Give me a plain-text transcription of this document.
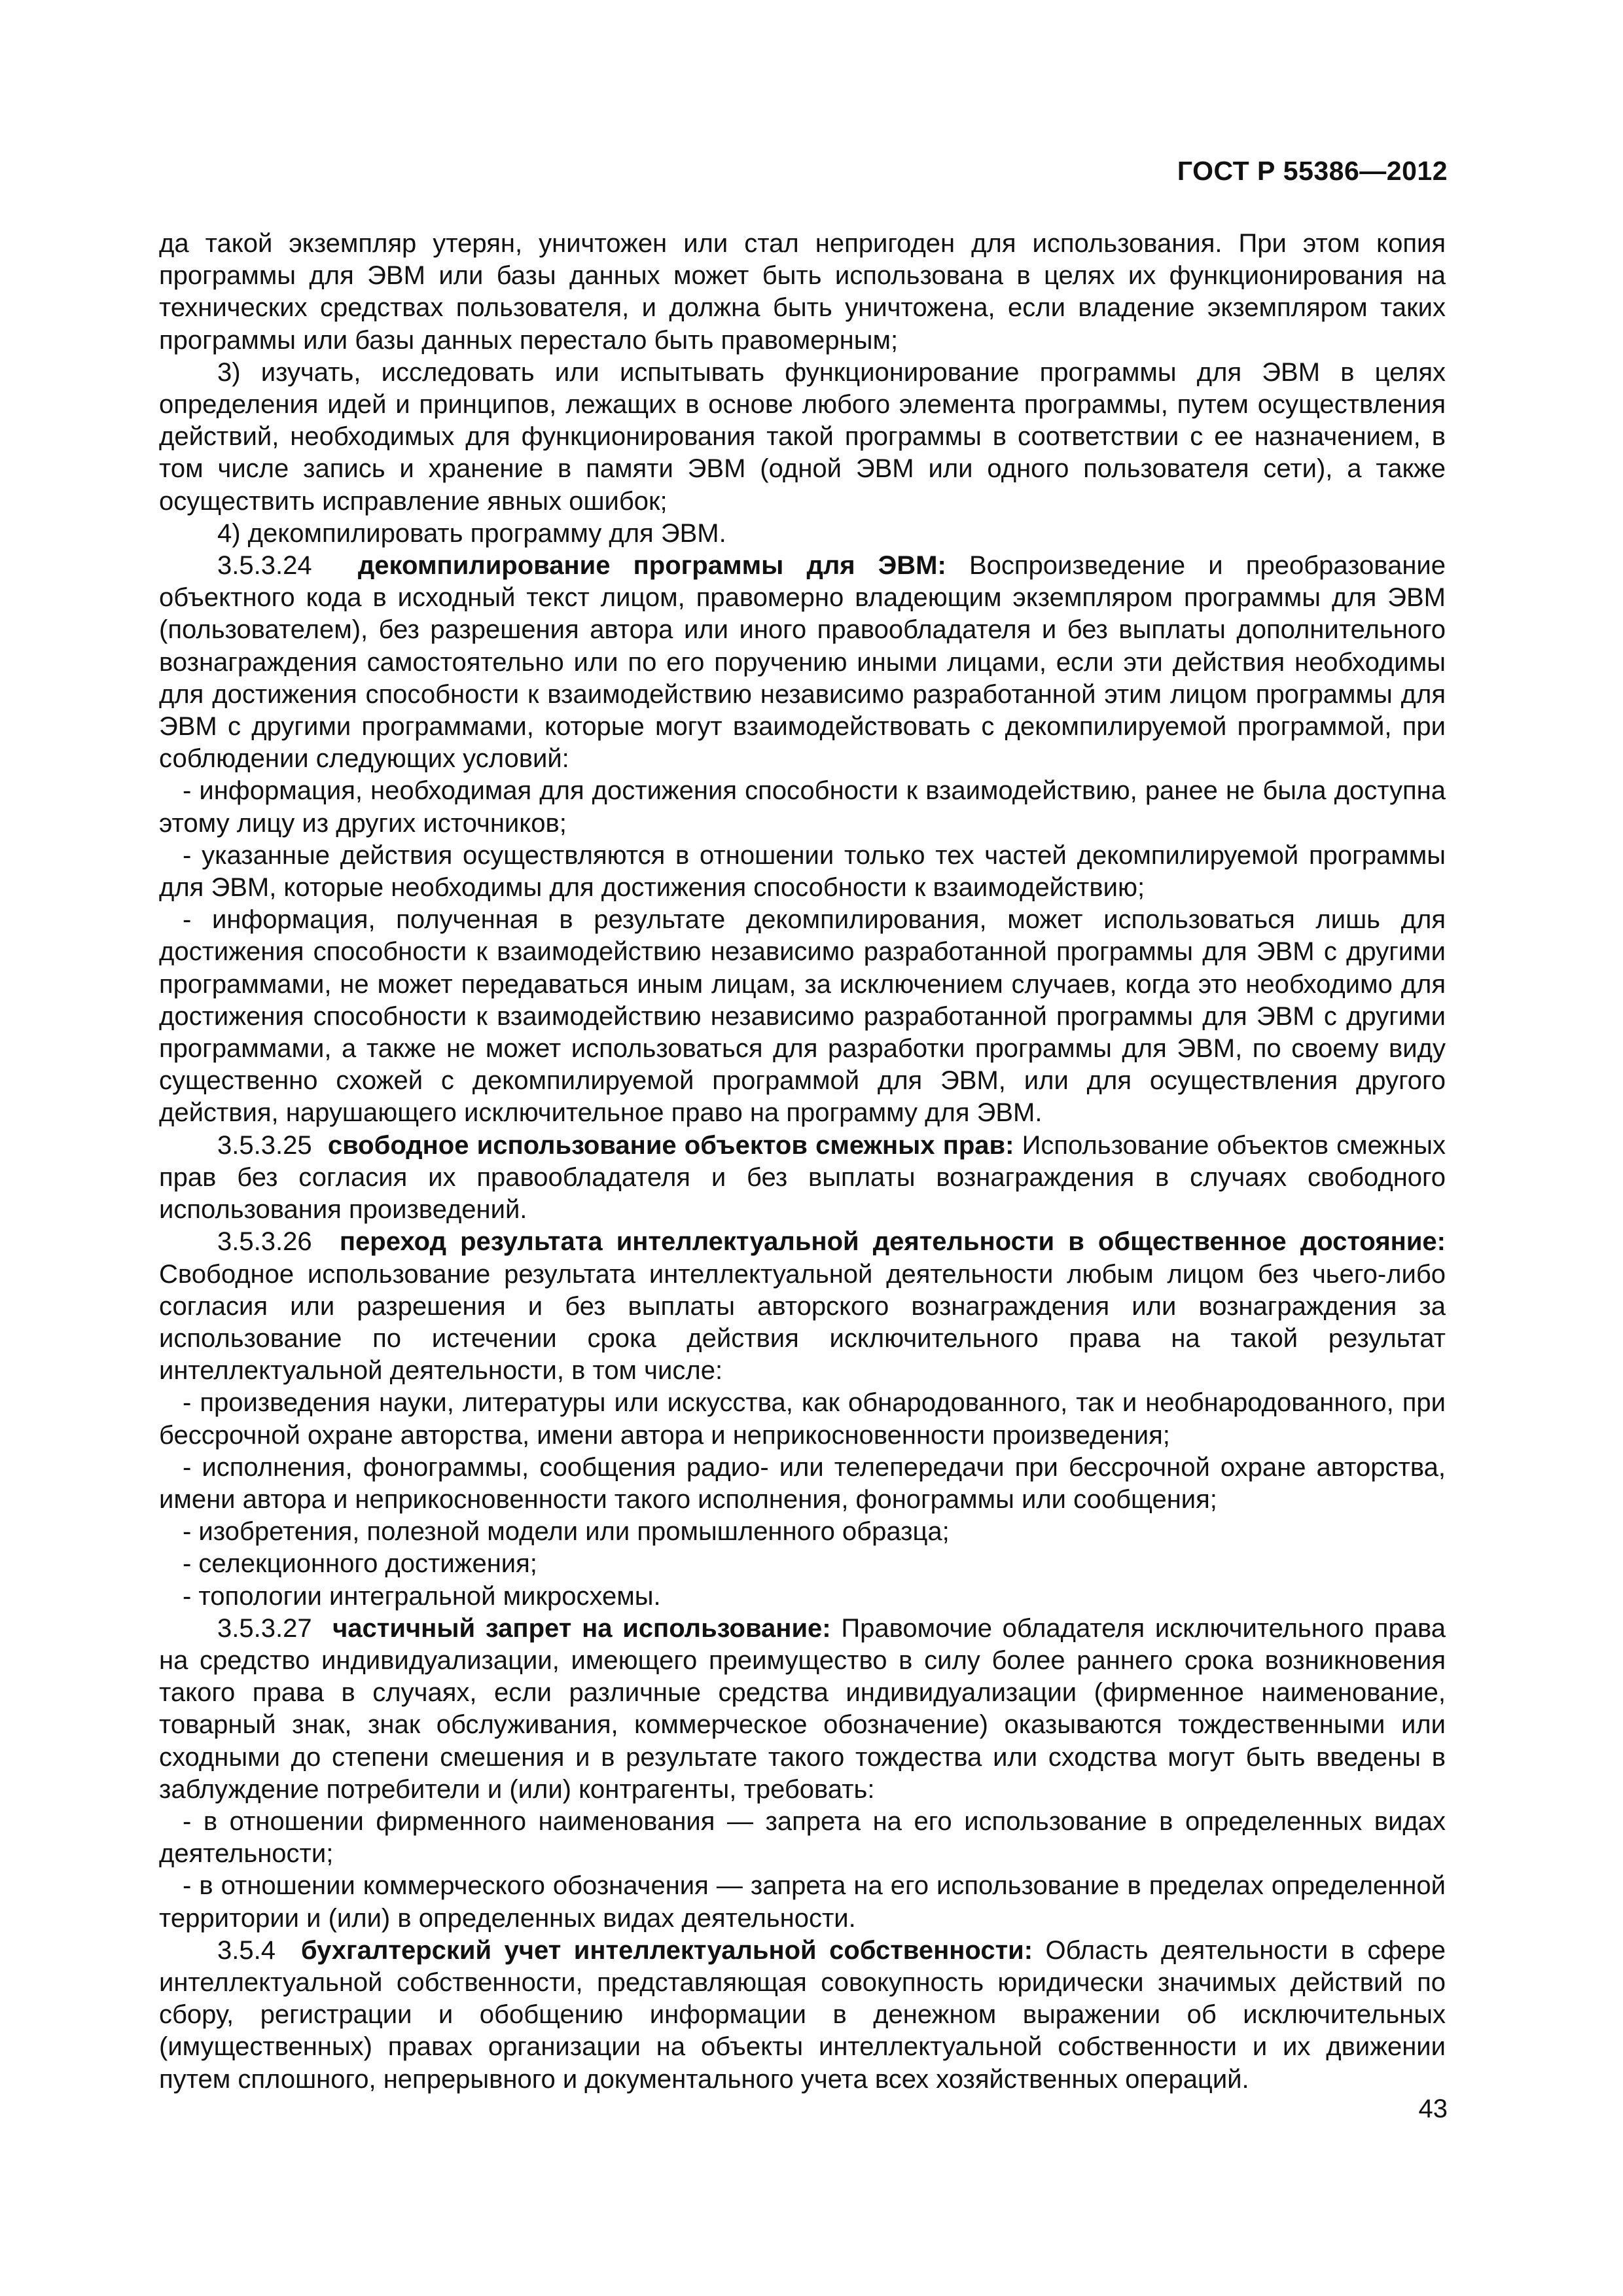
ГОСТ Р 55386—2012

да такой экземпляр утерян, уничтожен или стал непригоден для использования. При этом копия программы для ЭВМ или базы данных может быть использована в целях их функционирования на технических средствах пользователя, и должна быть уничтожена, если владение экземпляром таких программы или базы данных перестало быть правомерным;

3) изучать, исследовать или испытывать функционирование программы для ЭВМ в целях определения идей и принципов, лежащих в основе любого элемента программы, путем осуществления действий, необходимых для функционирования такой программы в соответствии с ее назначением, в том числе запись и хранение в памяти ЭВМ (одной ЭВМ или одного пользователя сети), а также осуществить исправление явных ошибок;

4) декомпилировать программу для ЭВМ.

3.5.3.24 декомпилирование программы для ЭВМ: Воспроизведение и преобразование объектного кода в исходный текст лицом, правомерно владеющим экземпляром программы для ЭВМ (пользователем), без разрешения автора или иного правообладателя и без выплаты дополнительного вознаграждения самостоятельно или по его поручению иными лицами, если эти действия необходимы для достижения способности к взаимодействию независимо разработанной этим лицом программы для ЭВМ с другими программами, которые могут взаимодействовать с декомпилируемой программой, при соблюдении следующих условий:

- информация, необходимая для достижения способности к взаимодействию, ранее не была доступна этому лицу из других источников;

- указанные действия осуществляются в отношении только тех частей декомпилируемой программы для ЭВМ, которые необходимы для достижения способности к взаимодействию;

- информация, полученная в результате декомпилирования, может использоваться лишь для достижения способности к взаимодействию независимо разработанной программы для ЭВМ с другими программами, не может передаваться иным лицам, за исключением случаев, когда это необходимо для достижения способности к взаимодействию независимо разработанной программы для ЭВМ с другими программами, а также не может использоваться для разработки программы для ЭВМ, по своему виду существенно схожей с декомпилируемой программой для ЭВМ, или для осуществления другого действия, нарушающего исключительное право на программу для ЭВМ.

3.5.3.25 свободное использование объектов смежных прав: Использование объектов смежных прав без согласия их правообладателя и без выплаты вознаграждения в случаях свободного использования произведений.

3.5.3.26 переход результата интеллектуальной деятельности в общественное достояние: Свободное использование результата интеллектуальной деятельности любым лицом без чьего-либо согласия или разрешения и без выплаты авторского вознаграждения или вознаграждения за использование по истечении срока действия исключительного права на такой результат интеллектуальной деятельности, в том числе:

- произведения науки, литературы или искусства, как обнародованного, так и необнародованного, при бессрочной охране авторства, имени автора и неприкосновенности произведения;

- исполнения, фонограммы, сообщения радио- или телепередачи при бессрочной охране авторства, имени автора и неприкосновенности такого исполнения, фонограммы или сообщения;

- изобретения, полезной модели или промышленного образца;

- селекционного достижения;

- топологии интегральной микросхемы.

3.5.3.27 частичный запрет на использование: Правомочие обладателя исключительного права на средство индивидуализации, имеющего преимущество в силу более раннего срока возникновения такого права в случаях, если различные средства индивидуализации (фирменное наименование, товарный знак, знак обслуживания, коммерческое обозначение) оказываются тождественными или сходными до степени смешения и в результате такого тождества или сходства могут быть введены в заблуждение потребители и (или) контрагенты, требовать:

- в отношении фирменного наименования — запрета на его использование в определенных видах деятельности;

- в отношении коммерческого обозначения — запрета на его использование в пределах определенной территории и (или) в определенных видах деятельности.

3.5.4 бухгалтерский учет интеллектуальной собственности: Область деятельности в сфере интеллектуальной собственности, представляющая совокупность юридически значимых действий по сбору, регистрации и обобщению информации в денежном выражении об исключительных (имущественных) правах организации на объекты интеллектуальной собственности и их движении путем сплошного, непрерывного и документального учета всех хозяйственных операций.

43
